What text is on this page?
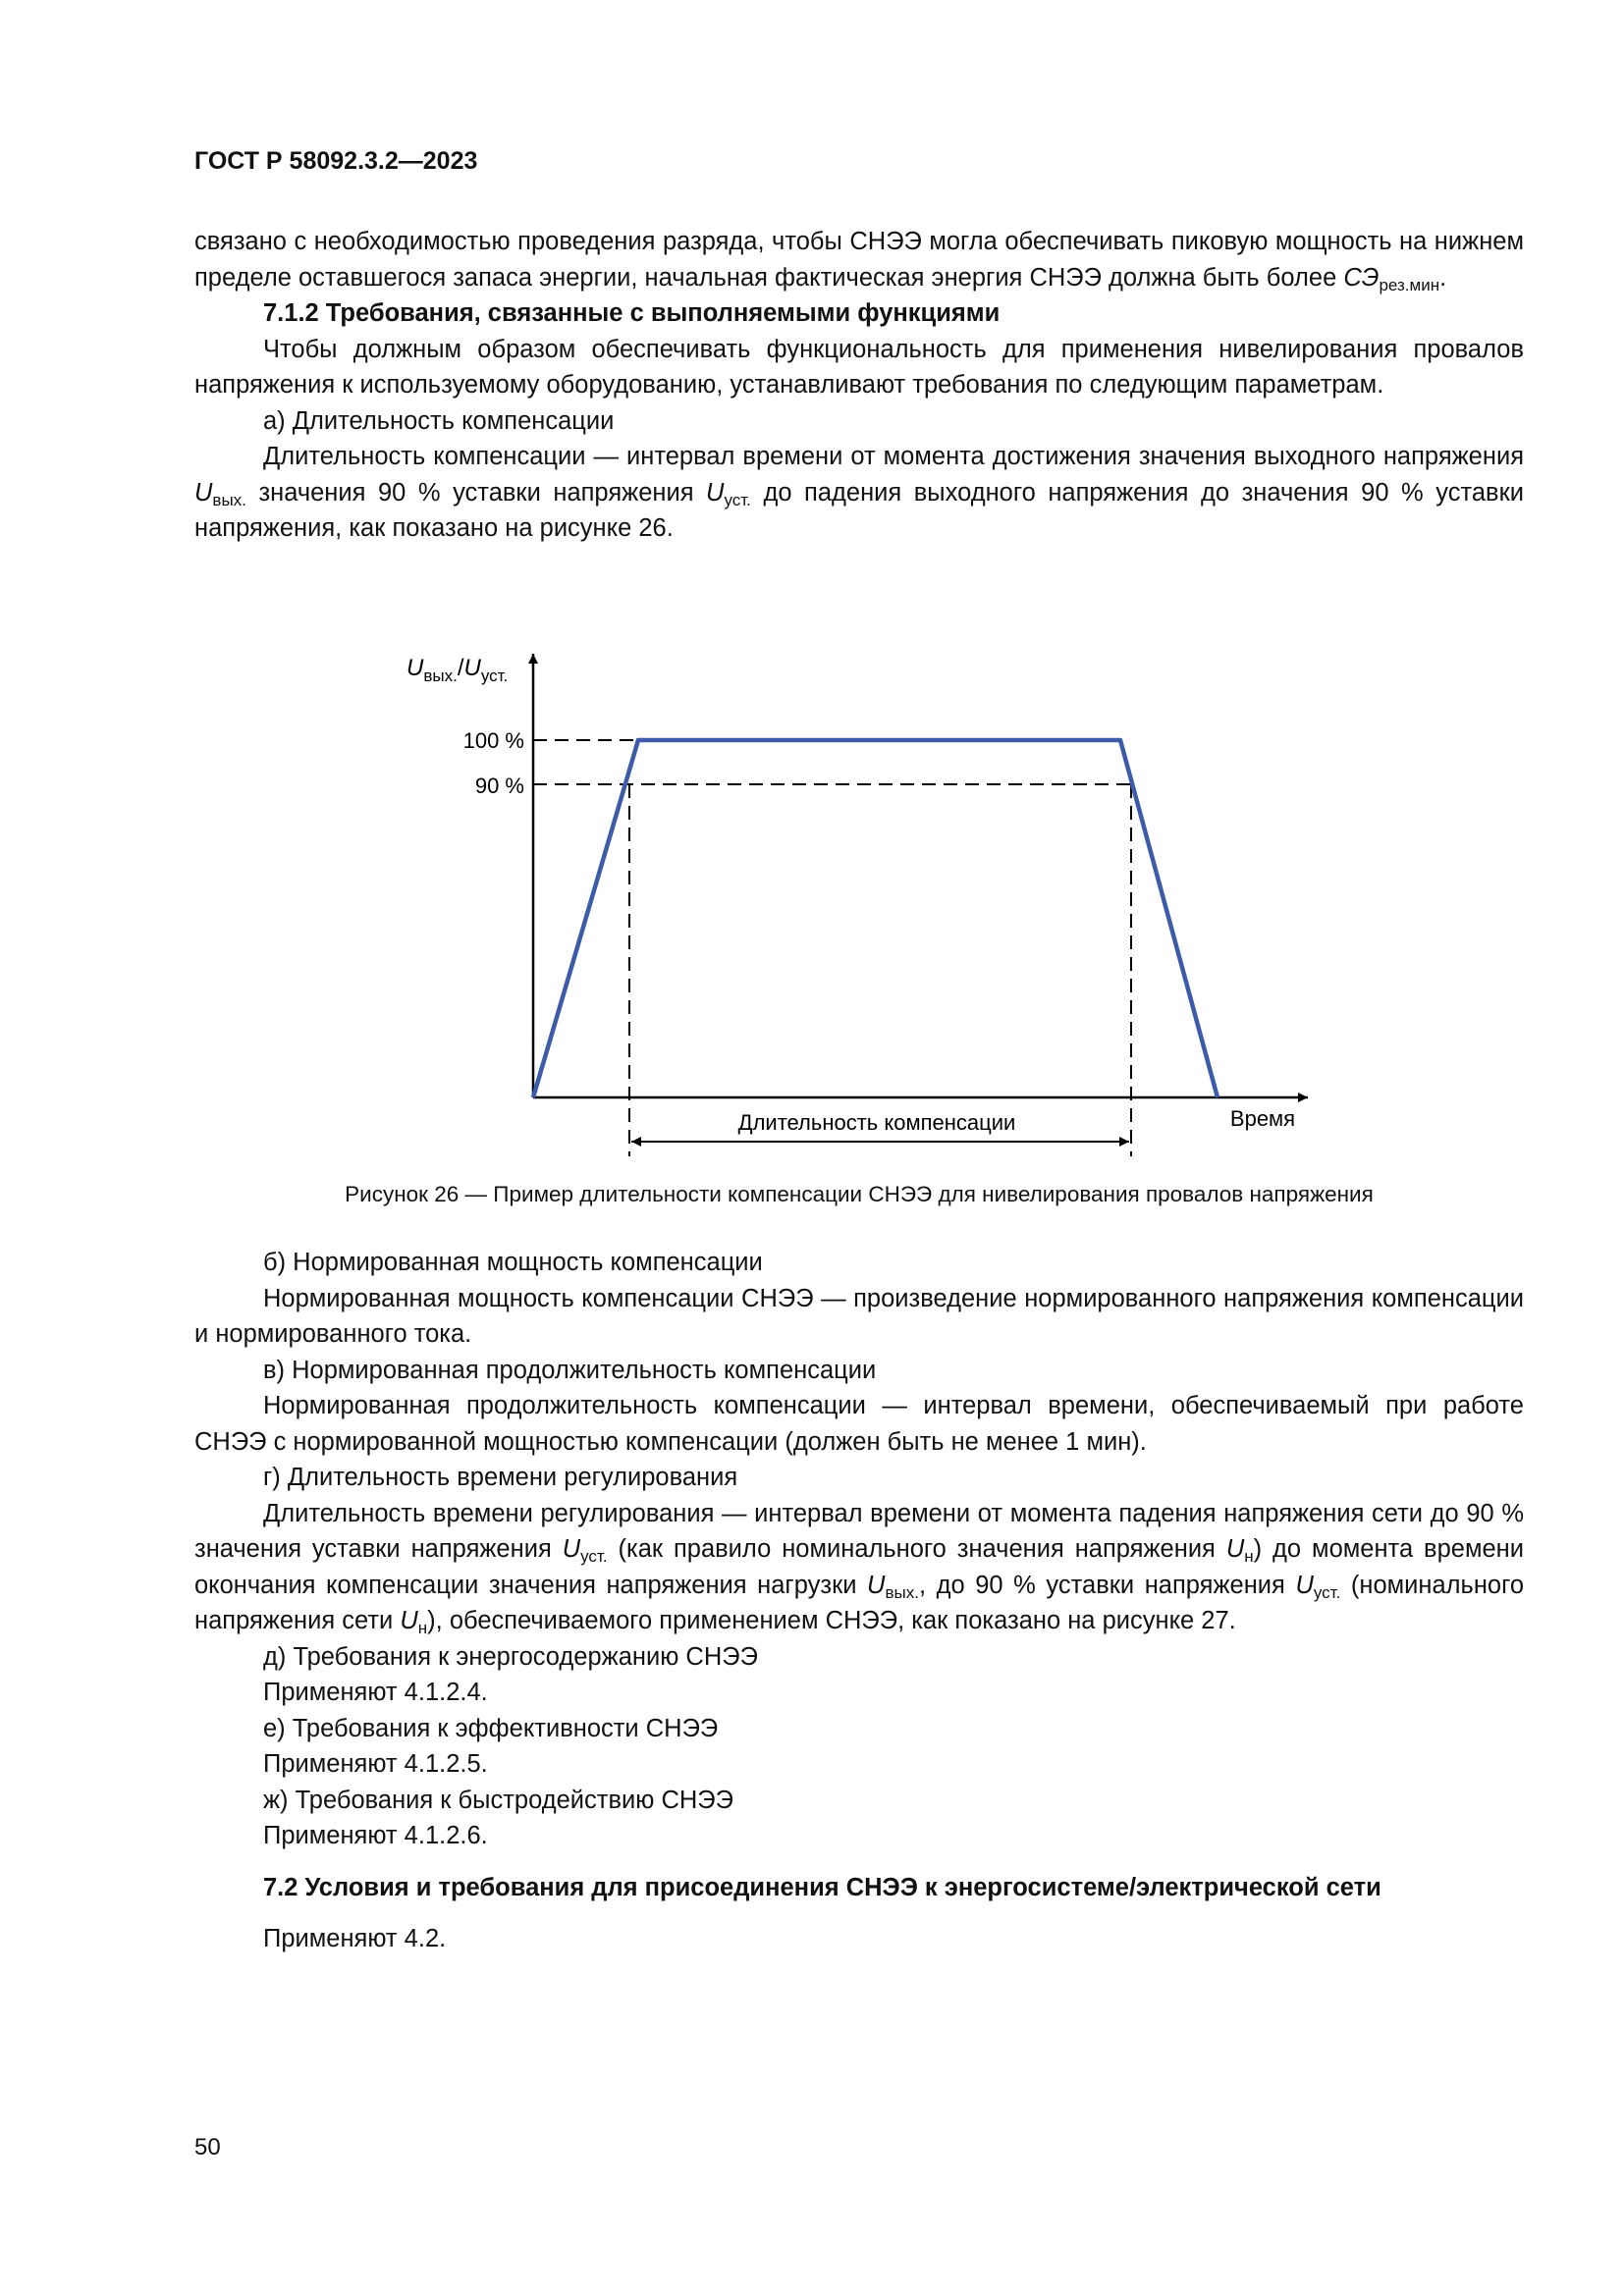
ГОСТ Р 58092.3.2—2023

связано с необходимостью проведения разряда, чтобы СНЭЭ могла обеспечивать пиковую мощность на нижнем пределе оставшегося запаса энергии, начальная фактическая энергия СНЭЭ должна быть более $СЭ_{рез.мин}$.

7.1.2 Требования, связанные с выполняемыми функциями

Чтобы должным образом обеспечивать функциональность для применения нивелирования провалов напряжения к используемому оборудованию, устанавливают требования по следующим параметрам.

а) Длительность компенсации

Длительность компенсации — интервал времени от момента достижения значения выходного напряжения $U_{вых.}$ значения 90 % уставки напряжения $U_{уст.}$ до падения выходного напряжения до значения 90 % уставки напряжения, как показано на рисунке 26.

$U_{вых.}/U_{уст.}$
100 %
90 %
Длительность компенсации	Время
Рисунок 26 — Пример длительности компенсации СНЭЭ для нивелирования провалов напряжения

б) Нормированная мощность компенсации

Нормированная мощность компенсации СНЭЭ — произведение нормированного напряжения компенсации и нормированного тока.

в) Нормированная продолжительность компенсации

Нормированная продолжительность компенсации — интервал времени, обеспечиваемый при работе СНЭЭ с нормированной мощностью компенсации (должен быть не менее 1 мин).

г) Длительность времени регулирования

Длительность времени регулирования — интервал времени от момента падения напряжения сети до 90 % значения уставки напряжения $U_{уст.}$ (как правило номинального значения напряжения $U_н$) до момента времени окончания компенсации значения напряжения нагрузки $U_{вых.}$, до 90 % уставки напряжения $U_{уст.}$ (номинального напряжения сети $U_н$), обеспечиваемого применением СНЭЭ, как показано на рисунке 27.

д) Требования к энергосодержанию СНЭЭ

Применяют 4.1.2.4.

е) Требования к эффективности СНЭЭ

Применяют 4.1.2.5.

ж) Требования к быстродействию СНЭЭ

Применяют 4.1.2.6.

7.2 Условия и требования для присоединения СНЭЭ к энергосистеме/электрической сети

Применяют 4.2.

50
